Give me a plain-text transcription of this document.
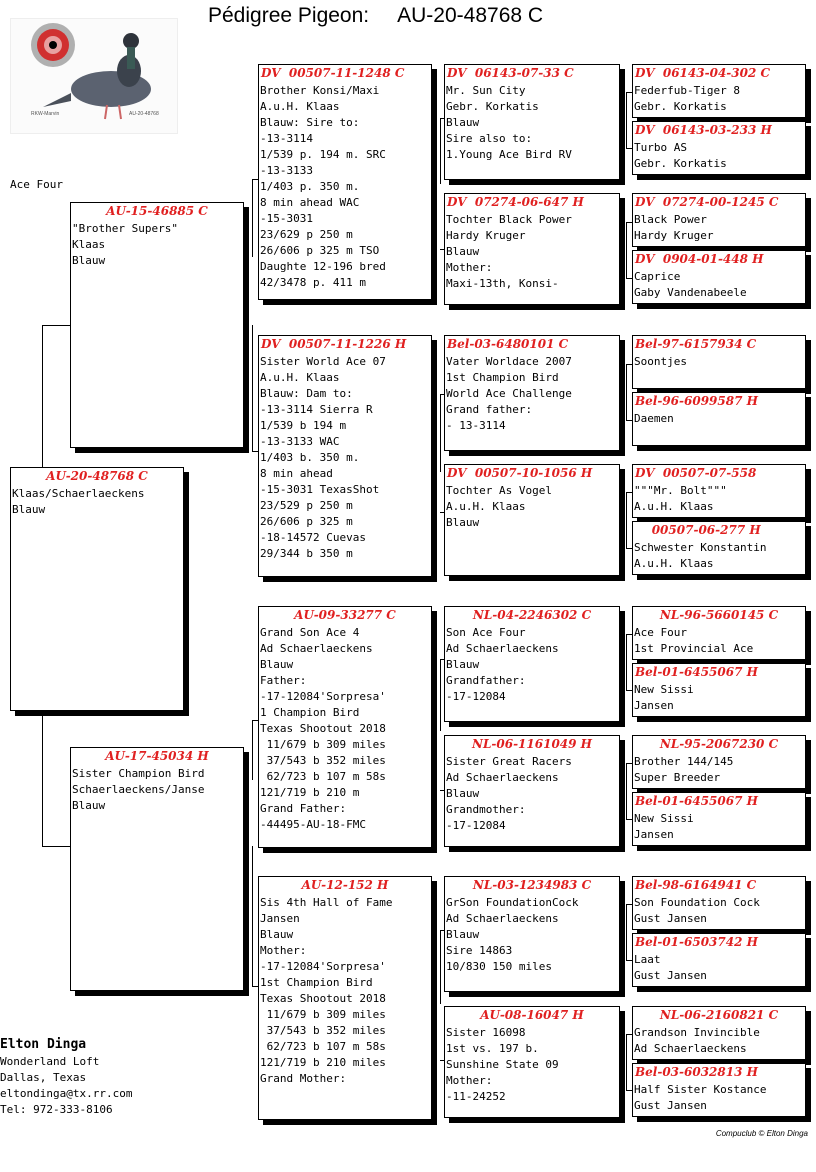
Pédigree Pigeon:     AU-20-48768 C
RKW-Marvin	AU-20-48768
Ace Four
AU-20-48768 C
Klaas/Schaerlaeckens
Blauw
AU-15-46885 C
"Brother Supers"
Klaas
Blauw
AU-17-45034 H
Sister Champion Bird
Schaerlaeckens/Janse
Blauw
DV  00507-11-1248 C
Brother Konsi/Maxi
A.u.H. Klaas
Blauw: Sire to:
-13-3114
1/539 p. 194 m. SRC
-13-3133
1/403 p. 350 m.
8 min ahead WAC
-15-3031
23/629 p 250 m
26/606 p 325 m TSO
Daughte 12-196 bred
42/3478 p. 411 m
DV  00507-11-1226 H
Sister World Ace 07
A.u.H. Klaas
Blauw: Dam to:
-13-3114 Sierra R
1/539 b 194 m
-13-3133 WAC
1/403 b. 350 m.
8 min ahead
-15-3031 TexasShot
23/529 p 250 m
26/606 p 325 m
-18-14572 Cuevas
29/344 b 350 m
AU-09-33277 C
Grand Son Ace 4
Ad Schaerlaeckens
Blauw
Father:
-17-12084'Sorpresa'
1 Champion Bird
Texas Shootout 2018
11/679 b 309 miles
37/543 b 352 miles
62/723 b 107 m 58s
121/719 b 210 m
Grand Father:
-44495-AU-18-FMC
AU-12-152 H
Sis 4th Hall of Fame
Jansen
Blauw
Mother:
-17-12084'Sorpresa'
1st Champion Bird
Texas Shootout 2018
11/679 b 309 miles
37/543 b 352 miles
62/723 b 107 m 58s
121/719 b 210 miles
Grand Mother:
DV  06143-07-33 C
Mr. Sun City
Gebr. Korkatis
Blauw
Sire also to:
1.Young Ace Bird RV
DV  07274-06-647 H
Tochter Black Power
Hardy Kruger
Blauw
Mother:
Maxi-13th, Konsi-
Bel-03-6480101 C
Vater Worldace 2007
1st Champion Bird
World Ace Challenge
Grand father:
- 13-3114
DV  00507-10-1056 H
Tochter As Vogel
A.u.H. Klaas
Blauw
NL-04-2246302 C
Son Ace Four
Ad Schaerlaeckens
Blauw
Grandfather:
-17-12084
NL-06-1161049 H
Sister Great Racers
Ad Schaerlaeckens
Blauw
Grandmother:
-17-12084
NL-03-1234983 C
GrSon FoundationCock
Ad Schaerlaeckens
Blauw
Sire 14863
10/830 150 miles
AU-08-16047 H
Sister 16098
1st vs. 197 b.
Sunshine State 09
Mother:
-11-24252
DV  06143-04-302 C
Federfub-Tiger 8
Gebr. Korkatis
DV  06143-03-233 H
Turbo AS
Gebr. Korkatis
DV  07274-00-1245 C
Black Power
Hardy Kruger
DV  0904-01-448 H
Caprice
Gaby Vandenabeele
Bel-97-6157934 C
Soontjes
Bel-96-6099587 H
Daemen
DV  00507-07-558
"""Mr. Bolt"""
A.u.H. Klaas
00507-06-277 H
Schwester Konstantin
A.u.H. Klaas
NL-96-5660145 C
Ace Four
1st Provincial Ace
Bel-01-6455067 H
New Sissi
Jansen
NL-95-2067230 C
Brother 144/145
Super Breeder
Bel-01-6455067 H
New Sissi
Jansen
Bel-98-6164941 C
Son Foundation Cock
Gust Jansen
Bel-01-6503742 H
Laat
Gust Jansen
NL-06-2160821 C
Grandson Invincible
Ad Schaerlaeckens
Bel-03-6032813 H
Half Sister Kostance
Gust Jansen
Elton Dinga
Wonderland Loft
Dallas, Texas
eltondinga@tx.rr.com
Tel: 972-333-8106
Compuclub © Elton Dinga
